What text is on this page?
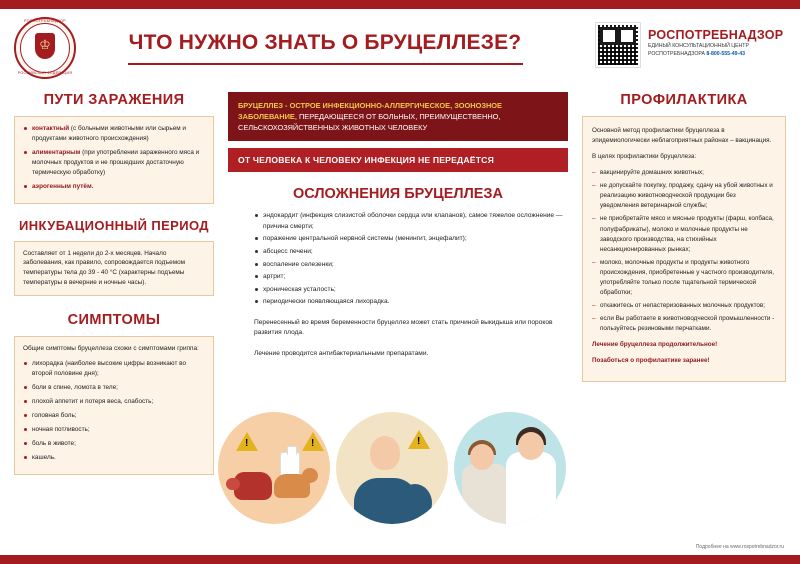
РОСПОТРЕБНАДЗОР
♔
РОССИЙСКАЯ ФЕДЕРАЦИЯ
ЧТО НУЖНО ЗНАТЬ О БРУЦЕЛЛЕЗЕ?	РОСПОТРЕБНАДЗОР
ЕДИНЫЙ КОНСУЛЬТАЦИОННЫЙ ЦЕНТР
РОСПОТРЕБНАДЗОРА 8-800-555-49-43
ПУТИ ЗАРАЖЕНИЯ
контактный (с больными животными или сырьем и продуктами животного происхождения)
алиментарным (при употреблении зараженного мяса и молочных продуктов и не прошедших достаточную термическую обработку)
аэрогенным путём.
ИНКУБАЦИОННЫЙ ПЕРИОД
Составляет от 1 недели до 2-х месяцев. Начало заболевания, как правило, сопровождается подъемом температуры тела до 39 - 40 °C (характерны подъемы температуры в вечерние и ночные часы).
СИМПТОМЫ
Общие симптомы бруцеллеза схожи с симптомами гриппа:
лихорадка (наиболее высокие цифры возникают во второй половине дня);
боли в спине, ломота в теле;
плохой аппетит и потеря веса, слабость;
головная боль;
ночная потливость;
боль в животе;
кашель.
БРУЦЕЛЛЕЗ - ОСТРОЕ ИНФЕКЦИОННО-АЛЛЕРГИЧЕСКОЕ, ЗООНОЗНОЕ ЗАБОЛЕВАНИЕ, ПЕРЕДАЮЩЕЕСЯ ОТ БОЛЬНЫХ, ПРЕИМУЩЕСТВЕННО, СЕЛЬСКОХОЗЯЙСТВЕННЫХ ЖИВОТНЫХ ЧЕЛОВЕКУ
ОТ ЧЕЛОВЕКА К ЧЕЛОВЕКУ ИНФЕКЦИЯ НЕ ПЕРЕДАЁТСЯ
ОСЛОЖНЕНИЯ БРУЦЕЛЛЕЗА
эндокардит (инфекция слизистой оболочки сердца или клапанов), самое тяжелое осложнение — причина смерти;
поражение центральной нервной системы (менингит, энцефалит);
абсцесс печени;
воспаление селезенки;
артрит;
хроническая усталость;
периодически появляющаяся лихорадка.
Перенесенный во время беременности бруцеллез может стать причиной выкидыша или пороков развития плода.
Лечение проводится антибактериальными препаратами.
!
!
!
ПРОФИЛАКТИКА

Основной метод профилактики бруцеллеза в эпидемиологически неблагоприятных районах – вакцинация.

В целях профилактики бруцеллеза:

– вакцинируйте домашних животных;
– не допускайте покупку, продажу, сдачу на убой животных и реализацию животноводческой продукции без уведомления ветеринарной службы;
– не приобретайте мясо и мясные продукты (фарш, колбаса, полуфабрикаты), молоко и молочные продукты не заводского производства, на стихийных несанкционированных рынках;
– молоко, молочные продукты и продукты животного происхождения, приобретенные у частного производителя, употребляйте только после тщательной термической обработки;
– откажитесь от непастеризованных молочных продуктов;
– если Вы работаете в животноводческой промышленности - пользуйтесь резиновыми перчатками.

Лечение бруцеллеза продолжительное!

Позаботься о профилактике заранее!

Подробнее на www.rospotrebnadzor.ru
